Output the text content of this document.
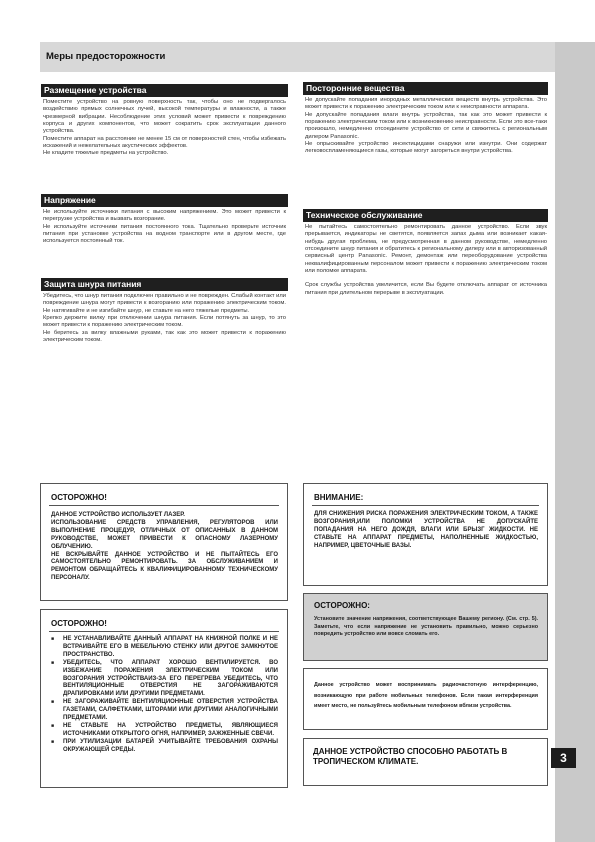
Меры предосторожности
3
Размещение устройства

Поместите устройство на ровную поверхность так, чтобы оно не подвергалось воздействию прямых солнечных лучей, высокой температуры и влажности, а также чрезмерной вибрации. Несоблюдение этих условий может привести к повреждению корпуса и других компонентов, что может сократить срок эксплуатации данного устройства.

Поместите аппарат на расстояние не менее 15 см от поверхностей стен, чтобы избежать искажений и нежелательных акустических эффектов.

Не кладите тяжелые предметы на устройство.

Напряжение

Не используйте источники питания с высоким напряжением. Это может привести к перегрузке устройства и вызвать возгорание.

Не используйте источники питания постоянного тока. Тщательно проверьте источник питания при установке устройства на водном транспорте или в другом месте, где используется постоянный ток.

Защита шнура питания

Убедитесь, что шнур питания подключен правильно и не поврежден. Слабый контакт или повреждение шнура могут привести к возгоранию или поражению электрическим током. Не натягивайте и не изгибайте шнур, не ставьте на него тяжелые предметы.

Крепко держите вилку при отключении шнура питания. Если потянуть за шнур, то это может привести к поражению электрическим током.

Не беритесь за вилку влажными руками, так как это может привести к поражению электрическим током.

Посторонние вещества

Не допускайте попадания инородных металлических веществ внутрь устройства. Это может привести к поражению электрическим током или к неисправности аппарата.

Не допускайте попадания влаги внутрь устройства, так как это может привести к поражению электрическим током или к возникновению неисправности. Если это все-таки произошло, немедленно отсоедините устройство от сети и свяжитесь с региональным дилером Panasonic.

Не опрыскивайте устройство инсектицидами снаружи или изнутри. Они содержат легковоспламеняющиеся газы, которые могут загореться внутри устройства.

Техническое обслуживание

Не пытайтесь самостоятельно ремонтировать данное устройство. Если звук прерывается, индикаторы не светятся, появляется запах дыма или возникает какая-нибудь другая проблема, не предусмотренная в данном руководстве, немедленно отсоедините шнур питания и обратитесь к региональному дилеру или в авторизованный сервисный центр Panasonic. Ремонт, демонтаж или переоборудование устройства неквалифицированным персоналом может привести к поражению электрическим током или поломке аппарата.

Срок службы устройства увеличится, если Вы будете отключать аппарат от источника питания при длительном перерыве в эксплуатации.

ОСТОРОЖНО!

ДАННОЕ УСТРОЙСТВО ИСПОЛЬЗУЕТ ЛАЗЕР.

ИСПОЛЬЗОВАНИЕ СРЕДСТВ УПРАВЛЕНИЯ, РЕГУЛЯТОРОВ ИЛИ ВЫПОЛНЕНИЕ ПРОЦЕДУР, ОТЛИЧНЫХ ОТ ОПИСАННЫХ В ДАННОМ РУКОВОДСТВЕ, МОЖЕТ ПРИВЕСТИ К ОПАСНОМУ ЛАЗЕРНОМУ ОБЛУЧЕНИЮ.

НЕ ВСКРЫВАЙТЕ ДАННОЕ УСТРОЙСТВО И НЕ ПЫТАЙТЕСЬ ЕГО САМОСТОЯТЕЛЬНО РЕМОНТИРОВАТЬ. ЗА ОБСЛУЖИВАНИЕМ И РЕМОНТОМ ОБРАЩАЙТЕСЬ К КВАЛИФИЦИРОВАННОМУ ТЕХНИЧЕСКОМУ ПЕРСОНАЛУ.

ОСТОРОЖНО!
■ НЕ УСТАНАВЛИВАЙТЕ ДАННЫЙ АППАРАТ НА КНИЖНОЙ ПОЛКЕ И НЕ ВСТРАИВАЙТЕ ЕГО В МЕБЕЛЬНУЮ СТЕНКУ ИЛИ ДРУГОЕ ЗАМКНУТОЕ ПРОСТРАНСТВО.
■ УБЕДИТЕСЬ, ЧТО АППАРАТ ХОРОШО ВЕНТИЛИРУЕТСЯ. ВО ИЗБЕЖАНИЕ ПОРАЖЕНИЯ ЭЛЕКТРИЧЕСКИМ ТОКОМ ИЛИ ВОЗГОРАНИЯ УСТРОЙСТВАИЗ-ЗА ЕГО ПЕРЕГРЕВА УБЕДИТЕСЬ, ЧТО ВЕНТИЛЯЦИОННЫЕ ОТВЕРСТИЯ НЕ ЗАГОРАЖИВАЮТСЯ ДРАПИРОВКАМИ ИЛИ ДРУГИМИ ПРЕДМЕТАМИ.
■ НЕ ЗАГОРАЖИВАЙТЕ ВЕНТИЛЯЦИОННЫЕ ОТВЕРСТИЯ УСТРОЙСТВА ГАЗЕТАМИ, САЛФЕТКАМИ, ШТОРАМИ ИЛИ ДРУГИМИ АНАЛОГИЧНЫМИ ПРЕДМЕТАМИ.
■ НЕ СТАВЬТЕ НА УСТРОЙСТВО ПРЕДМЕТЫ, ЯВЛЯЮЩИЕСЯ ИСТОЧНИКАМИ ОТКРЫТОГО ОГНЯ, НАПРИМЕР, ЗАЖЖЕННЫЕ СВЕЧИ.
■ ПРИ УТИЛИЗАЦИИ БАТАРЕЙ УЧИТЫВАЙТЕ ТРЕБОВАНИЯ ОХРАНЫ ОКРУЖАЮЩЕЙ СРЕДЫ.
ВНИМАНИЕ:

ДЛЯ СНИЖЕНИЯ РИСКА ПОРАЖЕНИЯ ЭЛЕКТРИЧЕСКИМ ТОКОМ, А ТАКЖЕ ВОЗГОРАНИЯ,ИЛИ ПОЛОМКИ УСТРОЙСТВА НЕ ДОПУСКАЙТЕ ПОПАДАНИЯ НА НЕГО ДОЖДЯ, ВЛАГИ ИЛИ БРЫЗГ ЖИДКОСТИ. НЕ СТАВЬТЕ НА АППАРАТ ПРЕДМЕТЫ, НАПОЛНЕННЫЕ ЖИДКОСТЬЮ, НАПРИМЕР, ЦВЕТОЧНЫЕ ВАЗЫ.

ОСТОРОЖНО:

Установите значение напряжения, соответствующее Вашему региону. (См. стр. 5). Заметьте, что если напряжение не установить правильно, можно серьезно повредить устройство или вовсе сломать его.

Данное устройство может воспринимать радиочастотную интерференцию, возникающую при работе мобильных телефонов. Если такая интерференция имеет место, не пользуйтесь мобильным телефоном вблизи устройства.

ДАННОЕ УСТРОЙСТВО СПОСОБНО РАБОТАТЬ В ТРОПИЧЕСКОМ КЛИМАТЕ.
